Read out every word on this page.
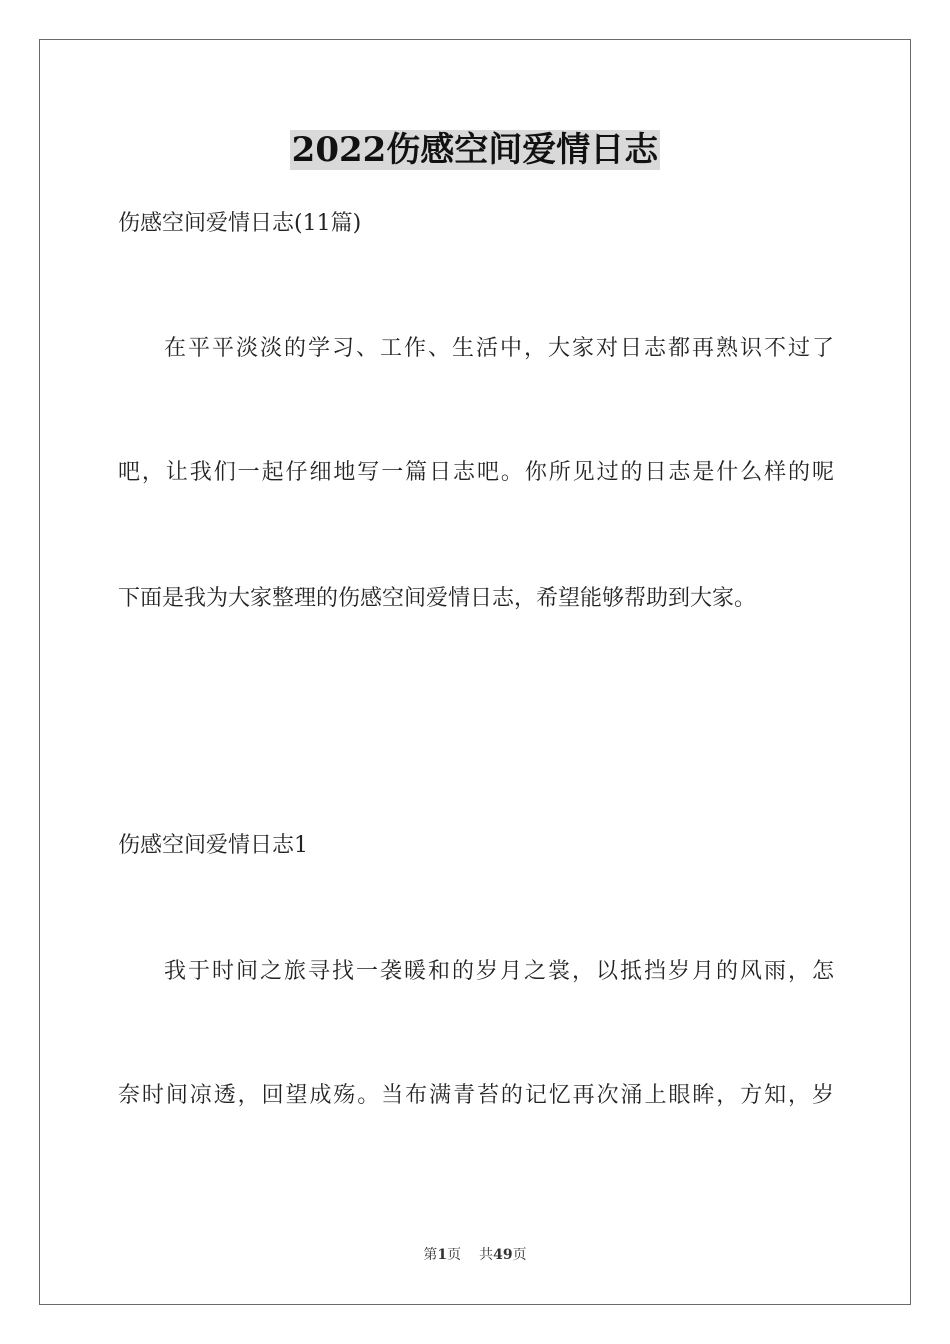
2022伤感空间爱情日志
伤感空间爱情日志(11篇)
在平平淡淡的学习、工作、生活中，大家对日志都再熟识不过了
吧，让我们一起仔细地写一篇日志吧。你所见过的日志是什么样的呢
下面是我为大家整理的伤感空间爱情日志，希望能够帮助到大家。
伤感空间爱情日志1
我于时间之旅寻找一袭暖和的岁月之裳，以抵挡岁月的风雨，怎
奈时间凉透，回望成殇。当布满青苔的记忆再次涌上眼眸，方知，岁
第1页 共49页
